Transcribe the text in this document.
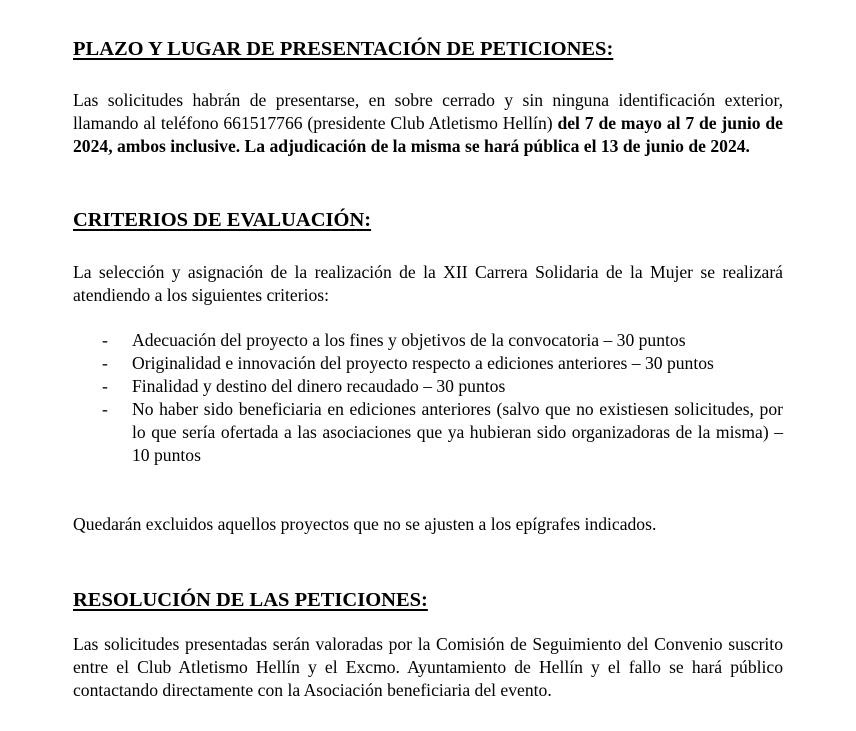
PLAZO Y LUGAR DE PRESENTACIÓN DE PETICIONES:

Las solicitudes habrán de presentarse, en sobre cerrado y sin ninguna identificación exterior, llamando al teléfono 661517766 (presidente Club Atletismo Hellín) del 7 de mayo al 7 de junio de 2024, ambos inclusive. La adjudicación de la misma se hará pública el 13 de junio de 2024.

CRITERIOS DE EVALUACIÓN:

La selección y asignación de la realización de la XII Carrera Solidaria de la Mujer se realizará atendiendo a los siguientes criterios:

- Adecuación del proyecto a los fines y objetivos de la convocatoria – 30 puntos
- Originalidad e innovación del proyecto respecto a ediciones anteriores – 30 puntos
- Finalidad y destino del dinero recaudado – 30 puntos
- No haber sido beneficiaria en ediciones anteriores (salvo que no existiesen solicitudes, por lo que sería ofertada a las asociaciones que ya hubieran sido organizadoras de la misma) – 10 puntos

Quedarán excluidos aquellos proyectos que no se ajusten a los epígrafes indicados.

RESOLUCIÓN DE LAS PETICIONES:

Las solicitudes presentadas serán valoradas por la Comisión de Seguimiento del Convenio suscrito entre el Club Atletismo Hellín y el Excmo. Ayuntamiento de Hellín y el fallo se hará público contactando directamente con la Asociación beneficiaria del evento.
